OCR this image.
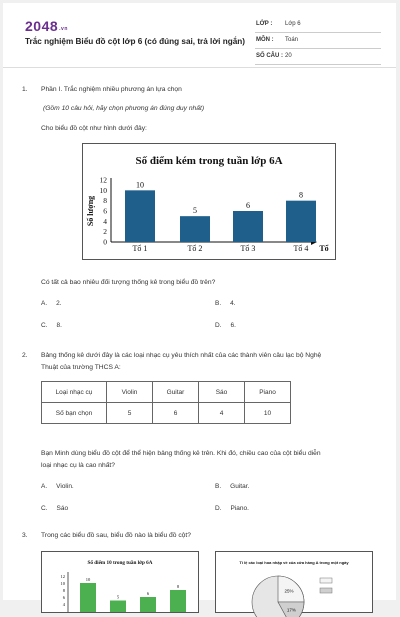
2048.vn
Trắc nghiệm Biểu đồ cột lớp 6 (có đúng sai, trả lời ngắn)
LỚP : Lớp 6
MÔN : Toán
SỐ CÂU : 20
1. Phần I. Trắc nghiệm nhiều phương án lựa chọn
(Gồm 10 câu hỏi, hãy chọn phương án đúng duy nhất)
Cho biểu đồ cột như hình dưới đây:
Số điểm kém trong tuần lớp 6A
0
2
4
6
8
10
12
Số lượng
Tổ
10
Tổ 1
5
Tổ 2
6
Tổ 3
8
Tổ 4
Có tất cả bao nhiêu đối tượng thống kê trong biểu đồ trên?
A. 2.	B. 4.
C. 8.	D. 6.
2. Bảng thống kê dưới đây là các loại nhạc cụ yêu thích nhất của các thành viên câu lạc bộ Nghệ
Thuật của trường THCS A:
Loại nhạc cụ	Violin	Guitar	Sáo	Piano
Số bạn chọn	5	6	4	10
Bạn Minh dùng biểu đồ cột để thể hiện bảng thống kê trên. Khi đó, chiều cao của cột biểu diễn
loại nhạc cụ là cao nhất?
A. Violin.	B. Guitar.
C. Sáo	D. Piano.
3. Trong các biểu đồ sau, biểu đồ nào là biểu đồ cột?
Số điểm 10 trong tuần lớp 6A
12
10
8
6
4
10
5
6
8
Tỉ lệ các loại hoa nhập về của cửa hàng A trong một ngày
25%
17%
